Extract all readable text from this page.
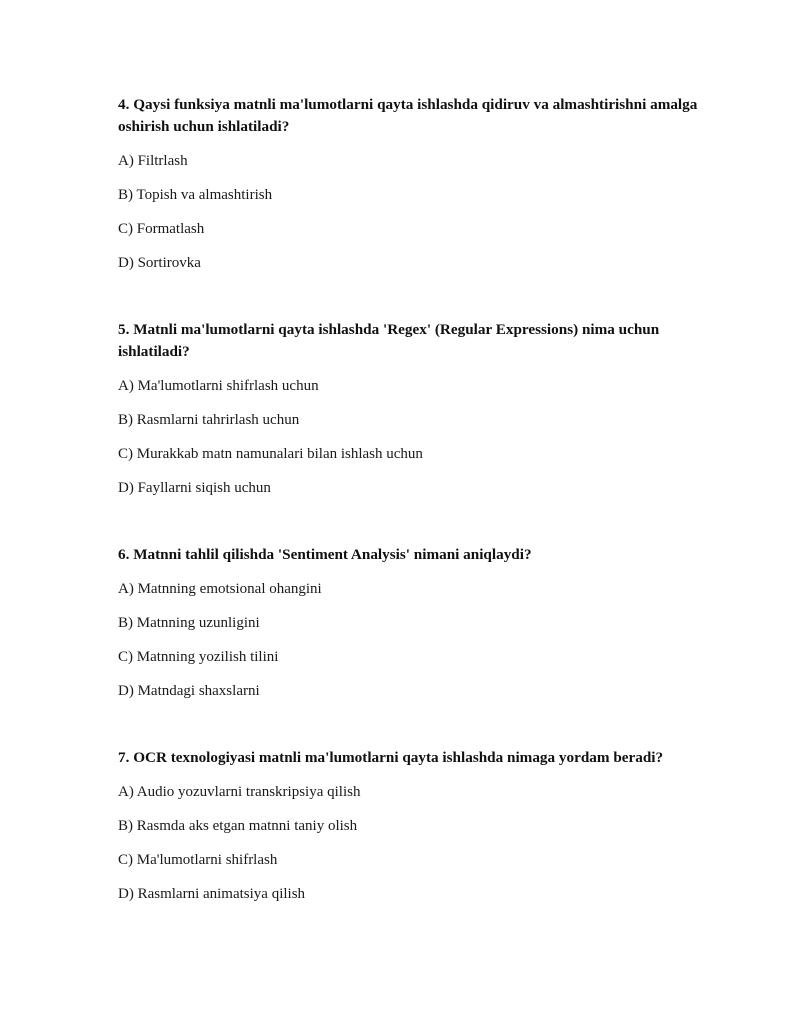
4. Qaysi funksiya matnli ma'lumotlarni qayta ishlashda qidiruv va almashtirishni amalga oshirish uchun ishlatiladi?

A) Filtrlash
B) Topish va almashtirish
C) Formatlash
D) Sortirovka

5. Matnli ma'lumotlarni qayta ishlashda 'Regex' (Regular Expressions) nima uchun ishlatiladi?

A) Ma'lumotlarni shifrlash uchun
B) Rasmlarni tahrirlash uchun
C) Murakkab matn namunalari bilan ishlash uchun
D) Fayllarni siqish uchun

6. Matnni tahlil qilishda 'Sentiment Analysis' nimani aniqlaydi?

A) Matnning emotsional ohangini
B) Matnning uzunligini
C) Matnning yozilish tilini
D) Matndagi shaxslarni

7. OCR texnologiyasi matnli ma'lumotlarni qayta ishlashda nimaga yordam beradi?

A) Audio yozuvlarni transkripsiya qilish
B) Rasmda aks etgan matnni taniy olish
C) Ma'lumotlarni shifrlash
D) Rasmlarni animatsiya qilish
